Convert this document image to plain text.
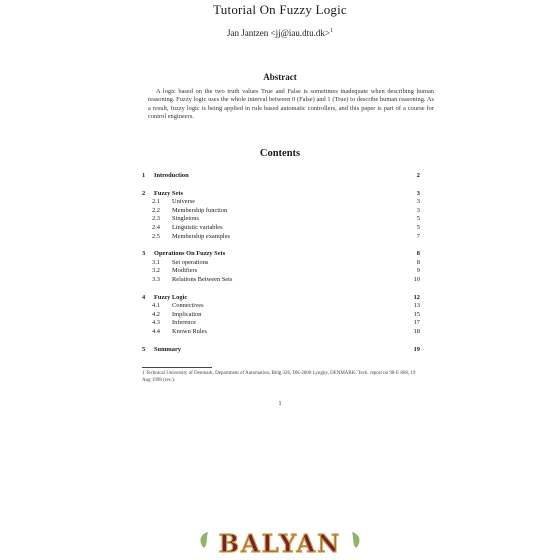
Tutorial On Fuzzy Logic
Jan Jantzen <jj@iau.dtu.dk>$^1$
Abstract
A logic based on the two truth values True and False is sometimes inadequate when describing human reasoning. Fuzzy logic uses the whole interval between 0 (False) and 1 (True) to describe human reasoning. As a result, fuzzy logic is being applied in rule based automatic controllers, and this paper is part of a course for control engineers.
Contents
1 Introduction	2
2 Fuzzy Sets	3
2.1 Universe	3
2.2 Membership function	3
2.3 Singletons	5
2.4 Linguistic variables	5
2.5 Membership examples	7
3 Operations On Fuzzy Sets	8
3.1 Set operations	8
3.2 Modifiers	9
3.3 Relations Between Sets	10
4 Fuzzy Logic	12
4.1 Connectives	13
4.2 Implication	15
4.3 Inference	17
4.4 Known Rules	18
5 Summary	19
1 Technical University of Denmark, Department of Automation, Bldg 326, DK-2800 Lyngby, DENMARK. Tech. report no 98-E 868, 19 Aug 1998 (rev.).
1
BALYAN
